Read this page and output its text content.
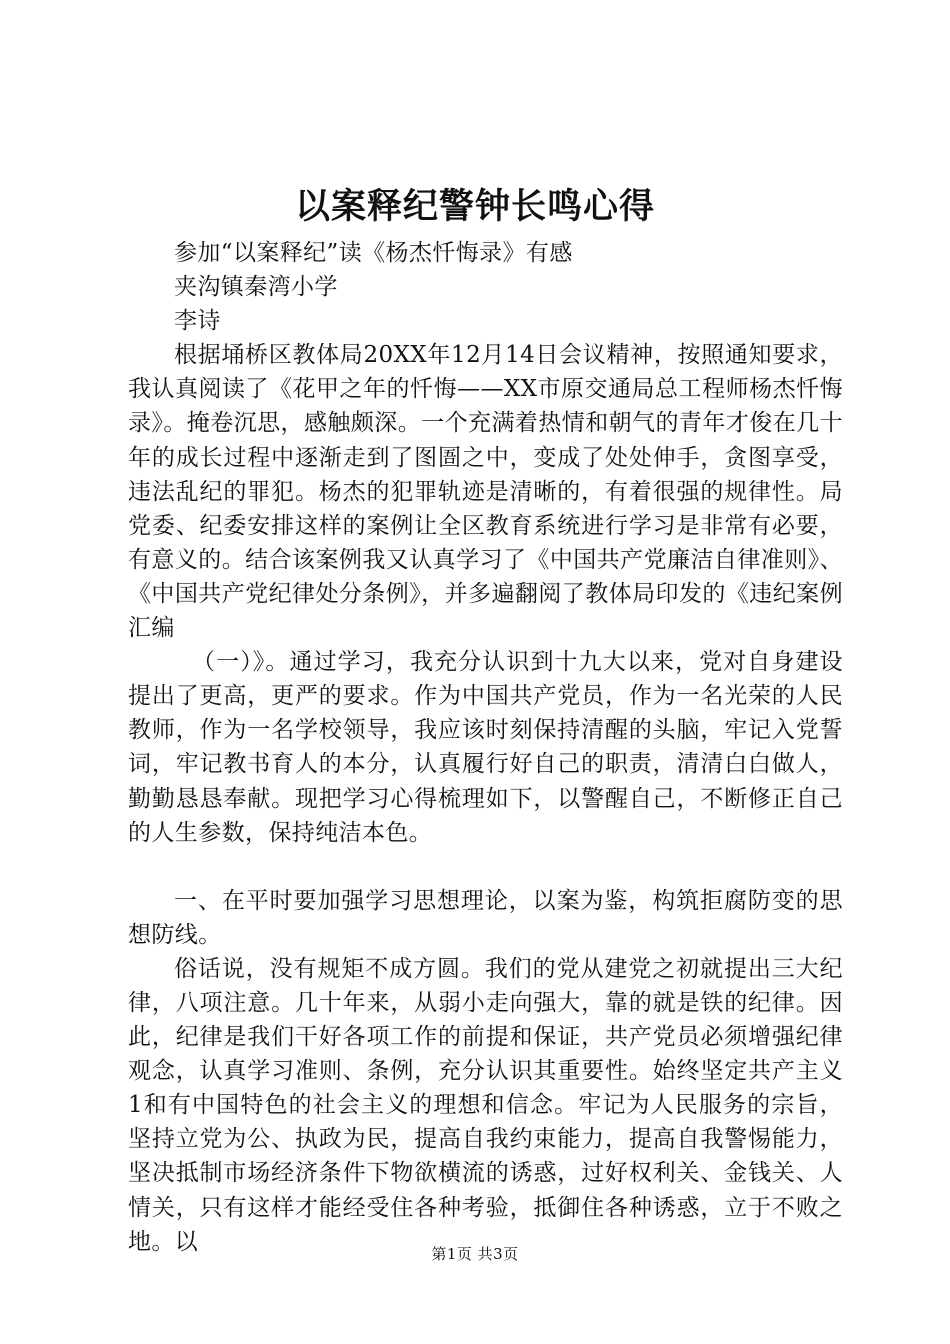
以案释纪警钟长鸣心得

参加“以案释纪”读《杨杰忏悔录》有感

夹沟镇秦湾小学

李诗

根据埇桥区教体局20XX年12月14日会议精神，按照通知要求，我认真阅读了《花甲之年的忏悔——XX市原交通局总工程师杨杰忏悔录》。掩卷沉思，感触颇深。一个充满着热情和朝气的青年才俊在几十年的成长过程中逐渐走到了图圄之中，变成了处处伸手，贪图享受，违法乱纪的罪犯。杨杰的犯罪轨迹是清晰的，有着很强的规律性。局党委、纪委安排这样的案例让全区教育系统进行学习是非常有必要，有意义的。结合该案例我又认真学习了《中国共产党廉洁自律准则》、《中国共产党纪律处分条例》，并多遍翻阅了教体局印发的《违纪案例汇编

（一）》。通过学习，我充分认识到十九大以来，党对自身建设提出了更高，更严的要求。作为中国共产党员，作为一名光荣的人民教师，作为一名学校领导，我应该时刻保持清醒的头脑，牢记入党誓词，牢记教书育人的本分，认真履行好自己的职责，清清白白做人，勤勤恳恳奉献。现把学习心得梳理如下，以警醒自己，不断修正自己的人生参数，保持纯洁本色。

一、在平时要加强学习思想理论，以案为鉴，构筑拒腐防变的思想防线。

俗话说，没有规矩不成方圆。我们的党从建党之初就提出三大纪律，八项注意。几十年来，从弱小走向强大，靠的就是铁的纪律。因此，纪律是我们干好各项工作的前提和保证，共产党员必须增强纪律观念，认真学习准则、条例，充分认识其重要性。始终坚定共产主义1和有中国特色的社会主义的理想和信念。牢记为人民服务的宗旨，坚持立党为公、执政为民，提高自我约束能力，提高自我警惕能力，坚决抵制市场经济条件下物欲横流的诱惑，过好权利关、金钱关、人情关，只有这样才能经受住各种考验，抵御住各种诱惑，立于不败之地。以	第1页 共3页
